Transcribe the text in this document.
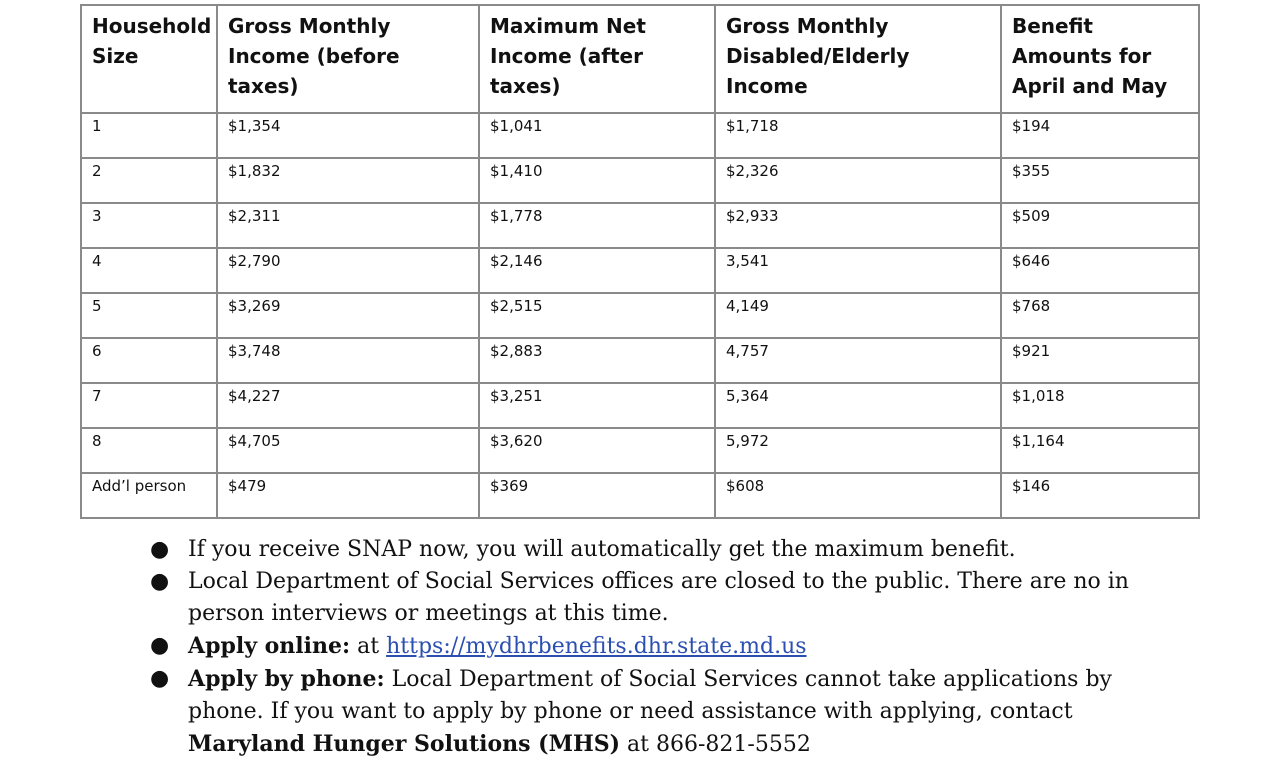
Household Size	Gross Monthly Income (before taxes)	Maximum Net Income (after taxes)	Gross Monthly Disabled/Elderly Income	Benefit Amounts for April and May
1	$1,354	$1,041	$1,718	$194
2	$1,832	$1,410	$2,326	$355
3	$2,311	$1,778	$2,933	$509
4	$2,790	$2,146	3,541	$646
5	$3,269	$2,515	4,149	$768
6	$3,748	$2,883	4,757	$921
7	$4,227	$3,251	5,364	$1,018
8	$4,705	$3,620	5,972	$1,164
Add’l person	$479	$369	$608	$146
● If you receive SNAP now, you will automatically get the maximum benefit.
● Local Department of Social Services offices are closed to the public. There are no in person interviews or meetings at this time.
● Apply online: at https://mydhrbenefits.dhr.state.md.us
● Apply by phone: Local Department of Social Services cannot take applications by phone. If you want to apply by phone or need assistance with applying, contact Maryland Hunger Solutions (MHS) at 866-821-5552
